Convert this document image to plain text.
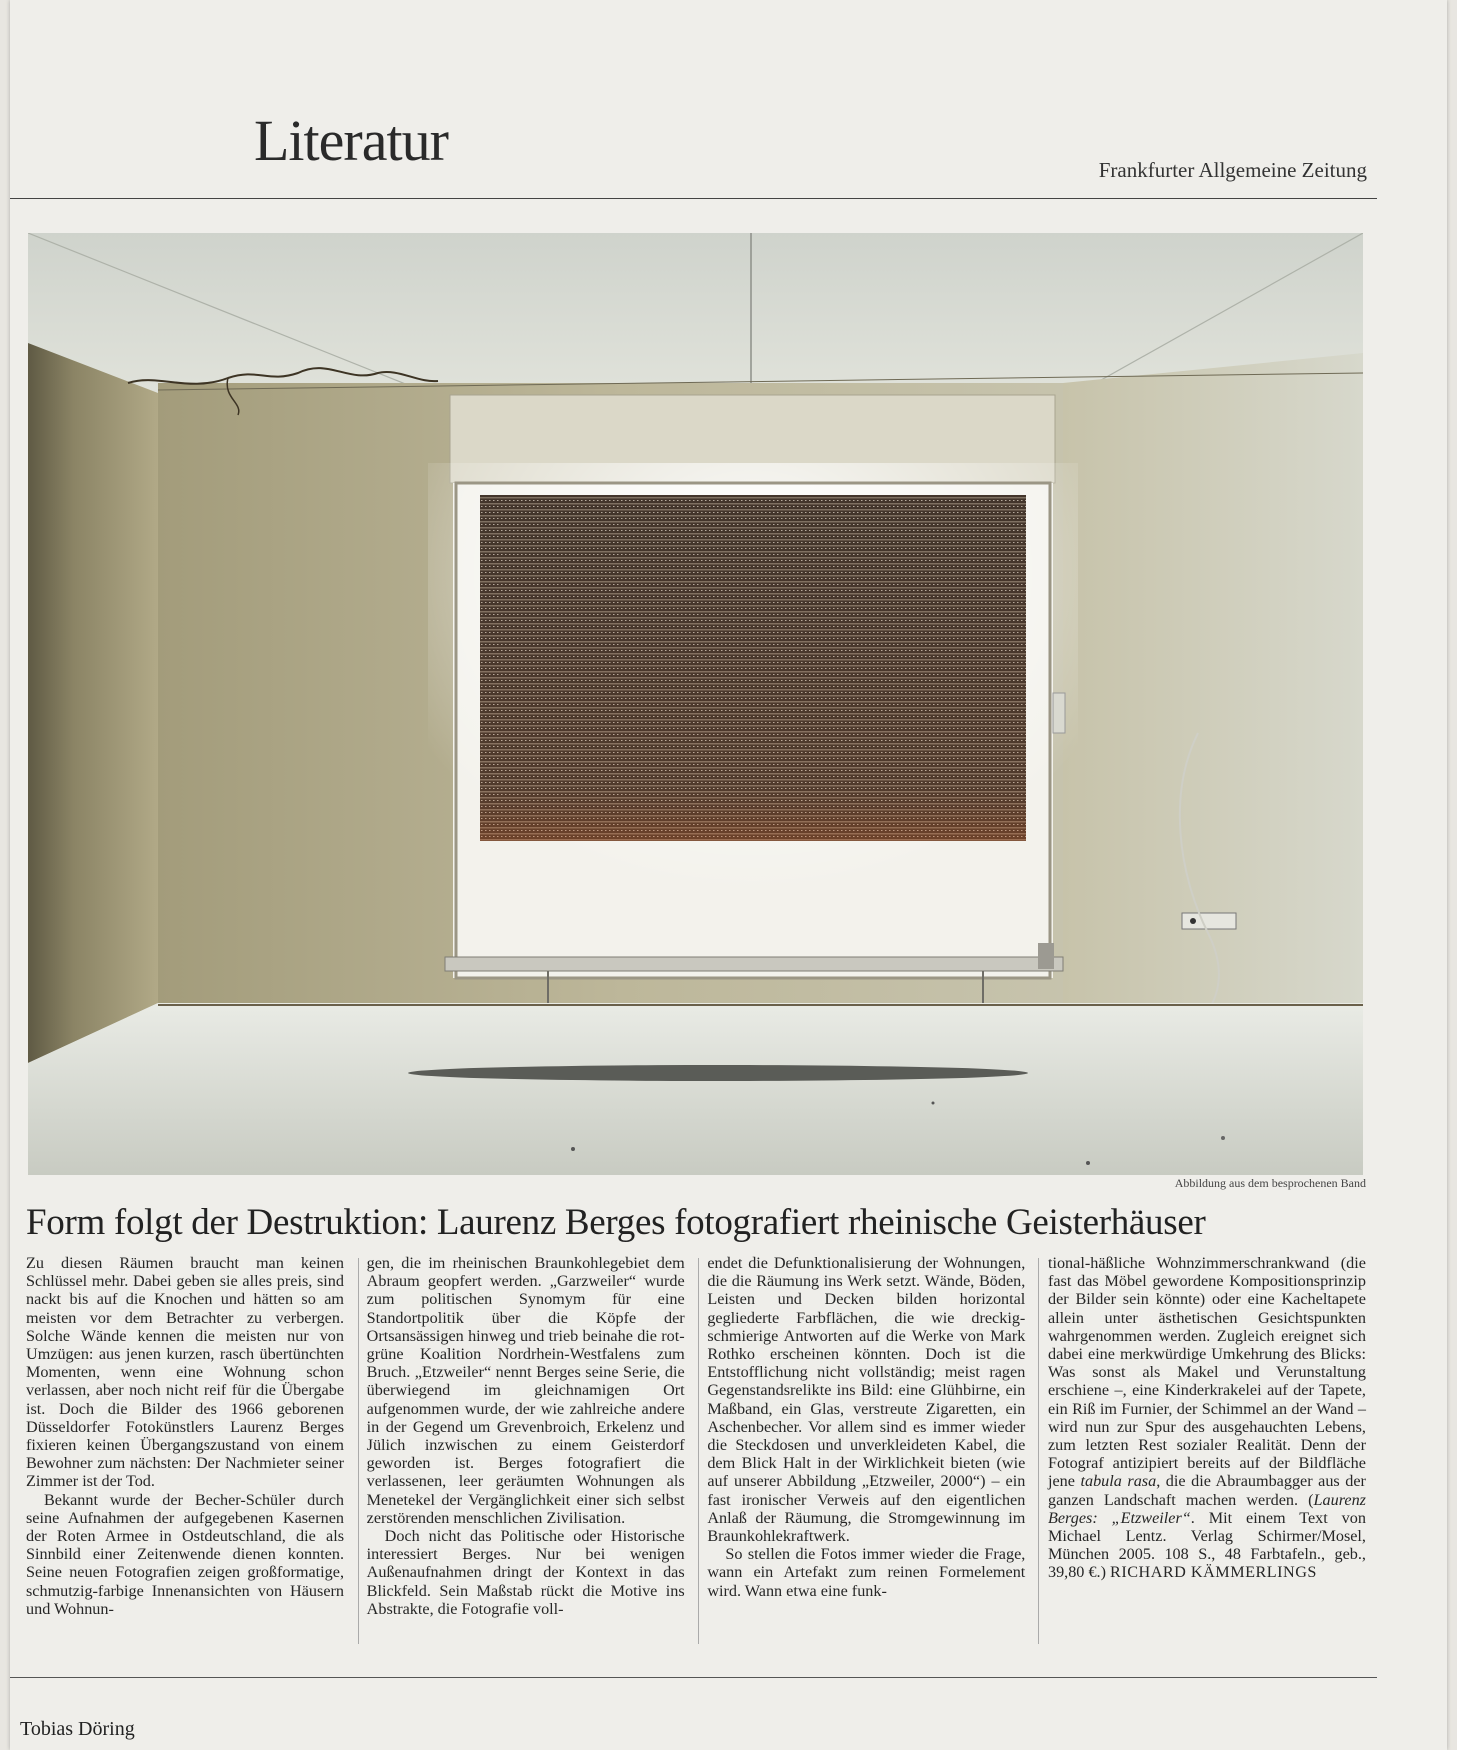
Literatur	Frankfurter Allgemeine Zeitung
Abbildung aus dem besprochenen Band
Form folgt der Destruktion: Laurenz Berges fotografiert rheinische Geisterhäuser

Zu diesen Räumen braucht man keinen Schlüssel mehr. Dabei geben sie alles preis, sind nackt bis auf die Knochen und hätten so am meisten vor dem Betrachter zu verbergen. Solche Wände kennen die meisten nur von Umzügen: aus jenen kurzen, rasch übertünchten Momenten, wenn eine Wohnung schon verlassen, aber noch nicht reif für die Übergabe ist. Doch die Bilder des 1966 geborenen Düsseldorfer Fotokünstlers Laurenz Berges fixieren keinen Übergangszustand von einem Bewohner zum nächsten: Der Nachmieter seiner Zimmer ist der Tod.

Bekannt wurde der Becher-Schüler durch seine Aufnahmen der aufgegebenen Kasernen der Roten Armee in Ostdeutschland, die als Sinnbild einer Zeitenwende dienen konnten. Seine neuen Fotografien zeigen großformatige, schmutzig-farbige Innenansichten von Häusern und Wohnun-

gen, die im rheinischen Braunkohlegebiet dem Abraum geopfert werden. „Garzweiler“ wurde zum politischen Synomym für eine Standortpolitik über die Köpfe der Ortsansässigen hinweg und trieb beinahe die rot-grüne Koalition Nordrhein-Westfalens zum Bruch. „Etzweiler“ nennt Berges seine Serie, die überwiegend im gleichnamigen Ort aufgenommen wurde, der wie zahlreiche andere in der Gegend um Grevenbroich, Erkelenz und Jülich inzwischen zu einem Geisterdorf geworden ist. Berges fotografiert die verlassenen, leer geräumten Wohnungen als Menetekel der Vergänglichkeit einer sich selbst zerstörenden menschlichen Zivilisation.

Doch nicht das Politische oder Historische interessiert Berges. Nur bei wenigen Außenaufnahmen dringt der Kontext in das Blickfeld. Sein Maßstab rückt die Motive ins Abstrakte, die Fotografie voll-

endet die Defunktionalisierung der Wohnungen, die die Räumung ins Werk setzt. Wände, Böden, Leisten und Decken bilden horizontal gegliederte Farbflächen, die wie dreckig-schmierige Antworten auf die Werke von Mark Rothko erscheinen könnten. Doch ist die Entstofflichung nicht vollständig; meist ragen Gegenstandsrelikte ins Bild: eine Glühbirne, ein Maßband, ein Glas, verstreute Zigaretten, ein Aschenbecher. Vor allem sind es immer wieder die Steckdosen und unverkleideten Kabel, die dem Blick Halt in der Wirklichkeit bieten (wie auf unserer Abbildung „Etzweiler, 2000“) – ein fast ironischer Verweis auf den eigentlichen Anlaß der Räumung, die Stromgewinnung im Braunkohlekraftwerk.

So stellen die Fotos immer wieder die Frage, wann ein Artefakt zum reinen Formelement wird. Wann etwa eine funk-

tional-häßliche Wohnzimmerschrankwand (die fast das Möbel gewordene Kompositionsprinzip der Bilder sein könnte) oder eine Kacheltapete allein unter ästhetischen Gesichtspunkten wahrgenommen werden. Zugleich ereignet sich dabei eine merkwürdige Umkehrung des Blicks: Was sonst als Makel und Verunstaltung erschiene –, eine Kinderkrakelei auf der Tapete, ein Riß im Furnier, der Schimmel an der Wand – wird nun zur Spur des ausgehauchten Lebens, zum letzten Rest sozialer Realität. Denn der Fotograf antizipiert bereits auf der Bildfläche jene tabula rasa, die die Abraumbagger aus der ganzen Landschaft machen werden. (Laurenz Berges: „Etzweiler“. Mit einem Text von Michael Lentz. Verlag Schirmer/Mosel, München 2005. 108 S., 48 Farbtafeln., geb., 39,80 €.) RICHARD KÄMMERLINGS

Tobias Döring
